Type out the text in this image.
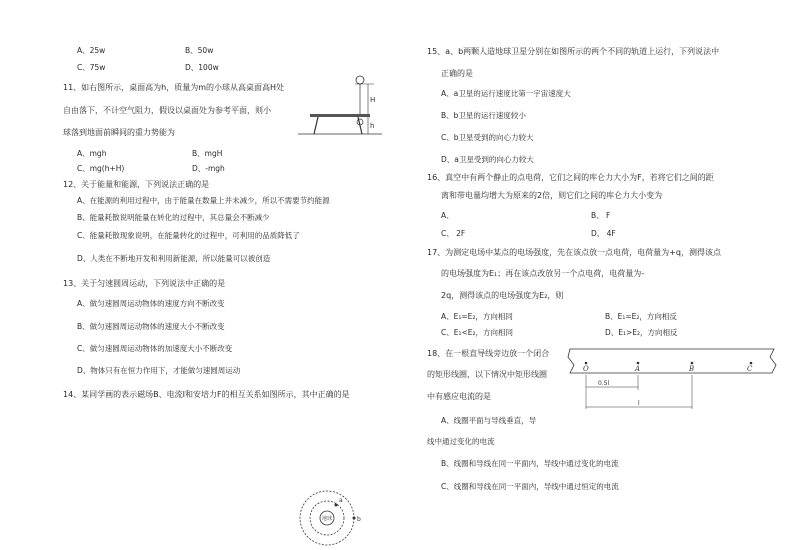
A、25w	B、50w
C、75w	D、100w
11、如右图所示，桌面高为h，质量为m的小球从高桌面高H处
自由落下，不计空气阻力，假设以桌面处为参考平面，则小
球落到地面前瞬间的重力势能为
A、mgh	B、mgH
C、mg(h+H)	D、-mgh
H
h
12、关于能量和能源，下列说法正确的是
A、在能源的利用过程中，由于能量在数量上并未减少，所以不需要节约能源
B、能量耗散说明能量在转化的过程中，其总量会不断减少
C、能量耗散现象说明，在能量转化的过程中，可利用的品质降低了
D、人类在不断地开发和利用新能源，所以能量可以被创造
13、关于匀速圆周运动，下列说法中正确的是
A、做匀速圆周运动物体的速度方向不断改变
B、做匀速圆周运动物体的速度大小不断改变
C、做匀速圆周运动物体的加速度大小不断改变
D、物体只有在恒力作用下，才能做匀速圆周运动
14、某同学画的表示磁场B、电流I和安培力F的相互关系如图所示，其中正确的是
地球
a
b
15、a、b两颗人造地球卫星分别在如图所示的两个不同的轨道上运行，下列说法中
正确的是
A、a卫星的运行速度比第一宇宙速度大
B、b卫星的运行速度较小
C、b卫星受到的向心力较大
D、a卫星受到的向心力较大
16、真空中有两个静止的点电荷，它们之间的库仑力大小为F，若将它们之间的距
离和带电量均增大为原来的2倍，则它们之间的库仑力大小变为
A、	B、 F
C、 2F	D、 4F
17、为测定电场中某点的电场强度，先在该点放一点电荷，电荷量为+q，测得该点
的电场强度为E₁；再在该点改放另一个点电荷，电荷量为-
2q，测得该点的电场强度为E₂，则
A、E₁=E₂，方向相同	B、E₁=E₂，方向相反
C、E₁<E₂，方向相同	D、E₁>E₂，方向相反
18、在一根直导线旁边放一个闭合
的矩形线圈，以下情况中矩形线圈
中有感应电流的是
A、线圈平面与导线垂直，导
线中通过变化的电流
B、线圈和导线在同一平面内，导线中通过变化的电流
C、线圈和导线在同一平面内，导线中通过恒定的电流
O	A	B	C
0.5l
l
